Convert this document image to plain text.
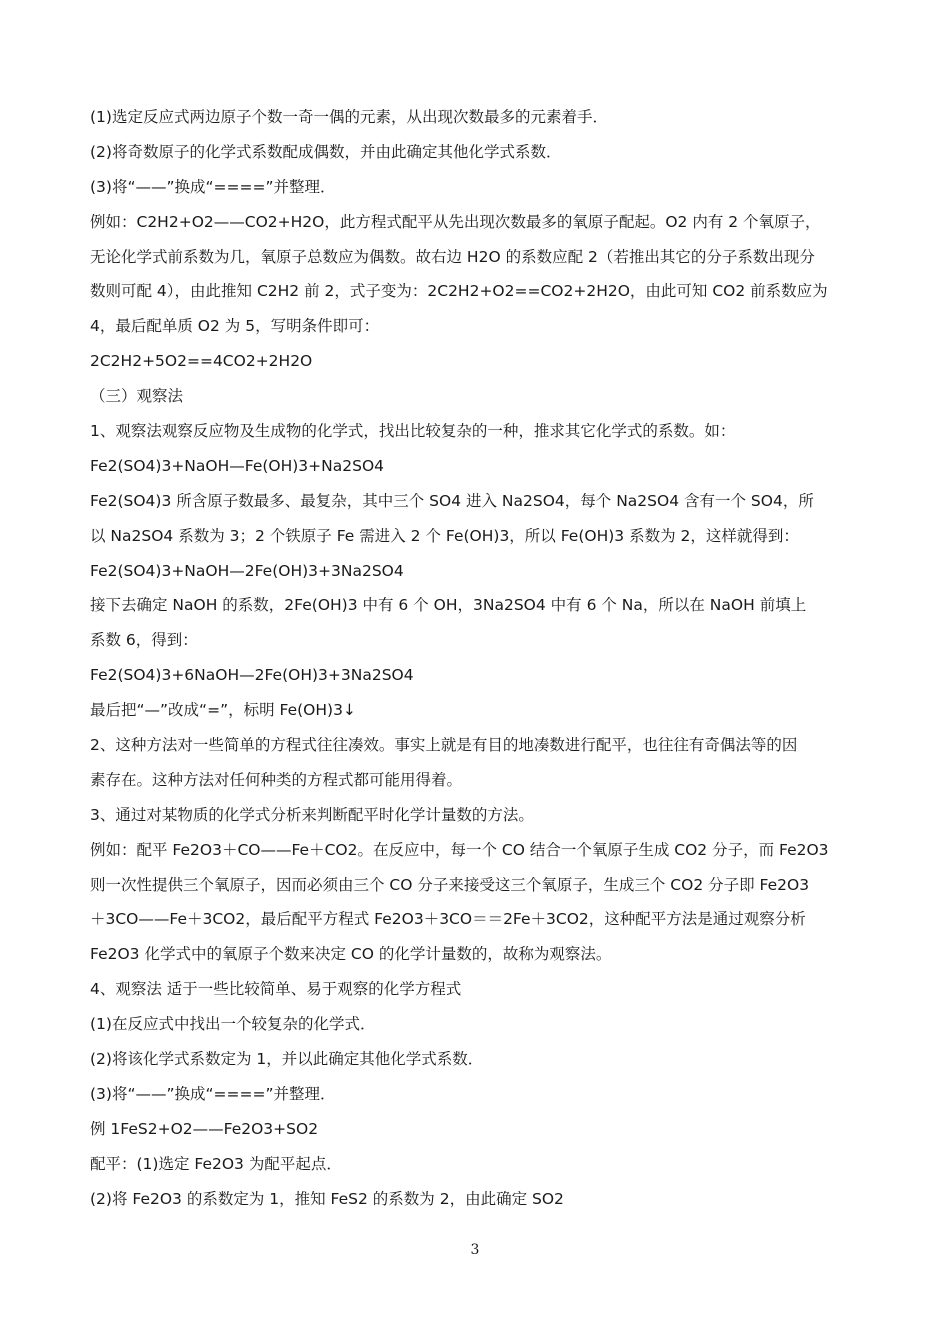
(1)选定反应式两边原子个数一奇一偶的元素，从出现次数最多的元素着手．
(2)将奇数原子的化学式系数配成偶数，并由此确定其他化学式系数．
(3)将“——”换成“====”并整理．
例如：C2H2+O2——CO2+H2O，此方程式配平从先出现次数最多的氧原子配起。O2 内有 2 个氧原子，
无论化学式前系数为几，氧原子总数应为偶数。故右边 H2O 的系数应配 2（若推出其它的分子系数出现分
数则可配 4），由此推知 C2H2 前 2，式子变为：2C2H2+O2==CO2+2H2O，由此可知 CO2 前系数应为
4，最后配单质 O2 为 5，写明条件即可：
2C2H2+5O2==4CO2+2H2O
（三）观察法
1、观察法观察反应物及生成物的化学式，找出比较复杂的一种，推求其它化学式的系数。如：
Fe2(SO4)3+NaOH—Fe(OH)3+Na2SO4
Fe2(SO4)3 所含原子数最多、最复杂，其中三个 SO4 进入 Na2SO4，每个 Na2SO4 含有一个 SO4，所
以 Na2SO4 系数为 3；2 个铁原子 Fe 需进入 2 个 Fe(OH)3，所以 Fe(OH)3 系数为 2，这样就得到：
Fe2(SO4)3+NaOH—2Fe(OH)3+3Na2SO4
接下去确定 NaOH 的系数，2Fe(OH)3 中有 6 个 OH，3Na2SO4 中有 6 个 Na，所以在 NaOH 前填上
系数 6，得到：
Fe2(SO4)3+6NaOH—2Fe(OH)3+3Na2SO4
最后把“—”改成“=”，标明 Fe(OH)3↓
2、这种方法对一些简单的方程式往往凑效。事实上就是有目的地凑数进行配平，也往往有奇偶法等的因
素存在。这种方法对任何种类的方程式都可能用得着。
3、通过对某物质的化学式分析来判断配平时化学计量数的方法。
例如：配平 Fe2O3＋CO——Fe＋CO2。在反应中，每一个 CO 结合一个氧原子生成 CO2 分子，而 Fe2O3
则一次性提供三个氧原子，因而必须由三个 CO 分子来接受这三个氧原子，生成三个 CO2 分子即 Fe2O3
＋3CO——Fe＋3CO2，最后配平方程式 Fe2O3＋3CO＝＝2Fe＋3CO2，这种配平方法是通过观察分析
Fe2O3 化学式中的氧原子个数来决定 CO 的化学计量数的，故称为观察法。
4、观察法 适于一些比较简单、易于观察的化学方程式
(1)在反应式中找出一个较复杂的化学式．
(2)将该化学式系数定为 1，并以此确定其他化学式系数．
(3)将“——”换成“====”并整理．
例 1FeS2+O2——Fe2O3+SO2
配平：(1)选定 Fe2O3 为配平起点．
(2)将 Fe2O3 的系数定为 1，推知 FeS2 的系数为 2，由此确定 SO2
3
